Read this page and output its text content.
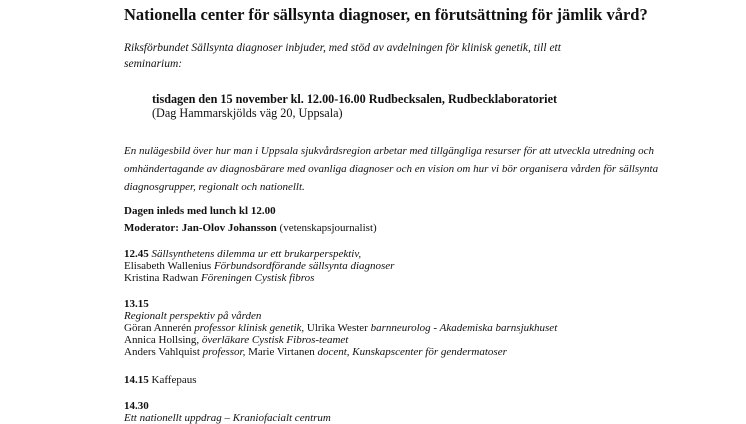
Nationella center för sällsynta diagnoser, en förutsättning för jämlik vård?
Riksförbundet Sällsynta diagnoser inbjuder, med stöd av avdelningen för klinisk genetik, till ett
seminarium:
tisdagen den 15 november kl. 12.00-16.00 Rudbecksalen, Rudbecklaboratoriet
(Dag Hammarskjölds väg 20, Uppsala)
En nulägesbild över hur man i Uppsala sjukvårdsregion arbetar med tillgängliga resurser för att utveckla utredning och
omhändertagande av diagnosbärare med ovanliga diagnoser och en vision om hur vi bör organisera vården för sällsynta
diagnosgrupper, regionalt och nationellt.
Dagen inleds med lunch kl 12.00
Moderator: Jan-Olov Johansson (vetenskapsjournalist)
12.45 Sällsynthetens dilemma ur ett brukarperspektiv,
Elisabeth Wallenius Förbundsordförande sällsynta diagnoser
Kristina Radwan Föreningen Cystisk fibros
13.15
Regionalt perspektiv på vården
Göran Annerén professor klinisk genetik, Ulrika Wester barnneurolog - Akademiska barnsjukhuset
Annica Hollsing, överläkare Cystisk Fibros-teamet
Anders Vahlquist professor, Marie Virtanen docent, Kunskapscenter för gendermatoser
14.15 Kaffepaus
14.30
Ett nationellt uppdrag – Kraniofacialt centrum
